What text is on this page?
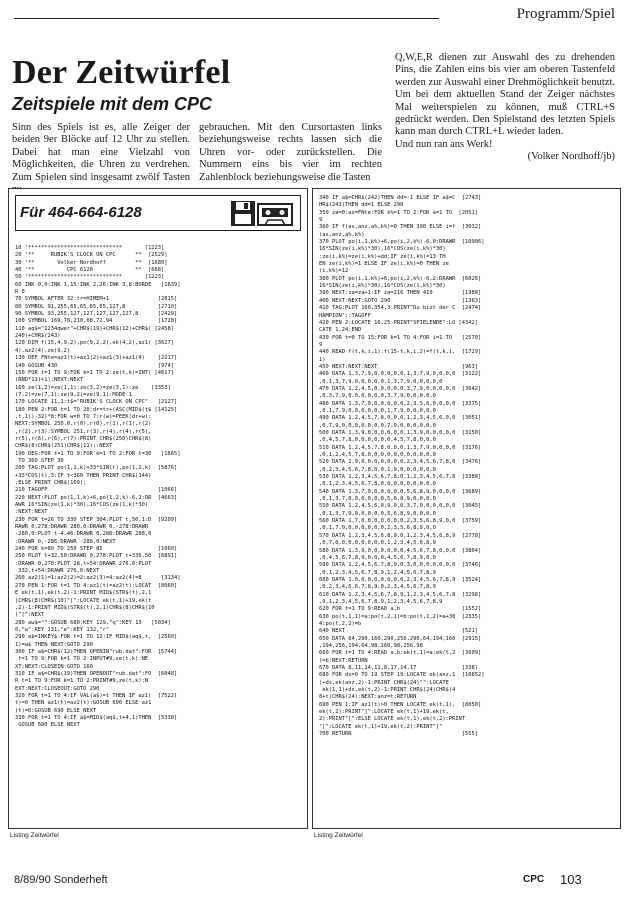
Programm/Spiel
Der Zeitwürfel
Zeitspiele mit dem CPC
Sinn des Spiels ist es, alle Zeiger der beiden 9er Blöcke auf 12 Uhr zu stellen. Dabei hat man eine Vielzahl von Möglichkeiten, die Uhren zu verdrehen. Zum Spielen sind insgesamt zwölf Tasten
gebrauchen. Mit den Cursortasten links beziehungsweise rechts lassen sich die Uhren vor- oder zurückstellen. Die Nummern eins bis vier im rechten Zahlenblock beziehungsweise die Tasten
Q,W,E,R dienen zur Auswahl des zu drehenden Pins, die Zahlen eins bis vier am oberen Tastenfeld werden zur Auswahl einer Drehmöglichkeit benutzt. Um bei dem aktuellen Stand der Zeiger nächstes Mal weiterspielen zu können, muß CTRL+S gedrückt werden. Den Spielstand des letzten Spiels kann man durch CTRL+L wieder laden.
Und nun ran ans Werk!
(Volker Nordhoff/jb)
Für 464-664-6128
10 '*****************************       [1223]
20 '**     RUBIK'S CLOCK ON CPC      **  [2529]
30 '**       Volker Nordhoff         **  [1680]
40 '**          CPC 6128             **  [668]
50 '*****************************       [1223]
60 INK 0,0:INK 1,15:INK 2,26:INK 3,8:BORDE   [1639]
R 0
70 SYMBOL AFTER 32:tr=HIMEM+1               [2815]
80 SYMBOL 91,255,65,65,65,65,127,8          [2710]
90 SYMBOL 93,255,127,127,127,127,127,8      [2429]
100 SYMBOL 169,76,210,68,72,94              [1728]
110 aq$="1234qwer"+CHR$(19)+CHR$(12)+CHR$( [2458]
240)+CHR$(243)
120 DIM f(15,4,9,2),po(9,2,2),ek(4,2),az1( [3627]
4),az2(4),ze(9,2)
130 DEF FNte=az1(t)+az1(2)+az1(3)+az1(4)    [2217]
140 GOSUB 430                               [974]
150 FOR t=1 TO 9:FOR k=1 TO 2:ze(t,k)=INT( [4617]
(RND*11)+1):NEXT:NEXT
160 ze(1,2)=ze(1,1):ze(3,2)=ze(3,1):ze    [3353]
(7,2)=ze(7,1):ze(9,2)=ze(9,1):MODE 1
170 LOCATE 11,1:t$="RUBIK'S CLOCK ON CPC"   [2127]
180 PEN 2:FOR t=1 TO 20:dr=tr+(ASC(MID$(t$ [14125]
,t,1))-32)*8:FOR w=0 TO 7:r(w)=PEEK(dr+w):
NEXT:SYMBOL 250,0,r(0),r(0),r(1),r(1),r(2)
,r(2),r(3):SYMBOL 251,r(3),r(4),r(4),r(5),
r(5),r(6),r(6),r(7):PRINT CHR$(250)CHR$(8)
CHR$(8)CHR$(251)CHR$(11);:NEXT
190 DEG:FOR t=1 TO 9:FOR k=1 TO 2:FOR t=30   [1665]
TO 360 STEP 30
200 TAG:PLOT po(1,1,k)+33*SIN(t),po(1,2,k)  [5876]
+33*COS(t),3:IF t<360 THEN PRINT CHR$(144)
;ELSE PRINT CHR$(169);
210 TAGOFF                                  [1066]
220 NEXT:PLOT po(1,1,k)+6,po(1,2,k)-6,2:DR  [4663]
AWR 16*SIN(ze(1,k)*30),16*COS(ze(1,k)*30)
:NEXT:NEXT
230 FOR t=26 TO 330 STEP 304:PLOT t,50,1:D  [9209]
RAWR 0,278:DRAWR 280,0:DRAWR 0,-278:DRAWR
-280,0:PLOT t-4,46:DRAWR 0,286:DRAWR 288,0
:DRAWR 0,-286:DRAWR -288,0:NEXT
240 FOR k=80 TO 250 STEP 85                 [1060]
250 PLOT t+32,50:DRAWR 0,278:PLOT t+336,50  [6891]
:DRAWR 0,278:PLOT 28,t+54:DRAWR 276,0:PLOT
332,t+54:DRAWR 276,0:NEXT
260 az2(1)=1:az2(2)=2:az2(3)=4:az2(4)=8      [3134]
270 PEN 1:FOR t=1 TO 4:az1(t)=az2(t):LOCAT  [8060]
E ek(t,1),ek(t,2)-1:PRINT MID$(STR$(t),2,1
)CHR$(8)CHR$(10)"|":LOCATE ek(t,1)+19,ek(t
,2)-1:PRINT MID$(STR$(t),2,1)CHR$(8)CHR$(10
)"[":NEXT
280 aw$="":GOSUB 680:KEY 129,"q":KEY 13   [5034]
0,"w":KEY 131,"e":KEY 132,"r"
290 a$=INKEY$:FOR t=1 TO 12:IF MID$(aq$,t,  [2560]
1)=a$ THEN NEXT:GOTO 290
300 IF a$=CHR$(12)THEN OPENIN"rub.dat":FOR  [5744]
t=1 TO 9:FOR k=1 TO 2:INPUT#9,ze(t,k):NE
XT:NEXT:CLOSEIN:GOTO 160
310 IF a$=CHR$(19)THEN OPENOUT"rub.dat":FO  [6048]
R t=1 TO 9:FOR k=1 TO 2:PRINT#9,ze(t,k):N
EXT:NEXT:CLOSEOUT:GOTO 290
320 FOR t=1 TO 4:IF VAL(a$)=t THEN IF az1(  [7522]
t)=0 THEN az1(t)=az2(t):GOSUB 690 ELSE az1
(t)=0:GOSUB 690 ELSE NEXT
330 FOR t=1 TO 4:IF a$=MID$(aq$,t+4,1)THEN  [5338]
GOSUB 680 ELSE NEXT
340 IF a$=CHR$(242)THEN dd=-1 ELSE IF a$=C  [2743]
HR$(243)THEN dd=1 ELSE 290
350 za=0:as=FNte:FOR k%=1 TO 2:FOR a=1 TO  [2051]
9
360 IF f(as,anz,a%,k%)=0 THEN 390 ELSE i=f  [3032]
(as,anz,a%,k%)
370 PLOT po(i,1,k%)+6,po(i,2,k%)-6,0:DRAWR  [10906]
16*SIN(ze(i,k%)*30),16*COS(ze(i,k%)*30)
:ze(i,k%)=ze(i,k%)+dd:IF ze(i,k%)=13 TH
EN ze(i,k%)=1 ELSE IF ze(i,k%)=0 THEN ze
(i,k%)=12
380 PLOT po(i,1,k%)+6,po(i,2,k%)-6,2:DRAWR  [6026]
16*SIN(ze(i,k%)*30),16*COS(ze(i,k%)*30)
390 NEXT:za=za+1:IF za=216 THEN 410         [1988]
400 NEXT:NEXT:GOTO 290                      [1363]
410 TAG:PLOT 160,354,3:PRINT"Du bist der C  [2474]
HAMPION";:TAGOFF
420 PEN 2:LOCATE 16,25:PRINT"SPIELENDE":LO [4342]
CATE 1,24:END
430 FOR t=0 TO 15:FOR k=1 TO 4:FOR i=1 TO   [2570]
9
440 READ f(t,k,i,1):f(15-t,k,i,2)=f(t,k,i,  [1729]
1)
450 NEXT:NEXT:NEXT                          [963]
460 DATA 1,3,7,9,0,0,0,0,0,1,3,7,9,0,0,0,0  [3122]
,0,1,3,7,9,0,0,0,0,0,1,3,7,9,0,0,0,0,0
470 DATA 1,2,4,5,0,0,0,0,0,3,7,9,0,0,0,0,0  [3642]
,0,3,7,9,0,0,0,0,0,0,3,7,9,0,0,0,0,0
480 DATA 1,3,7,9,0,0,0,0,0,2,3,5,6,0,0,0,0  [3375]
,0,1,7,9,0,0,0,0,0,0,1,7,9,0,0,0,0,0
490 DATA 1,2,4,5,7,8,0,0,0,1,2,3,4,5,6,0,0  [3051]
,0,7,9,0,0,0,0,0,0,0,7,9,0,0,0,0,0,0
500 DATA 1,3,9,0,0,0,0,0,0,1,3,9,0,0,0,0,0  [3150]
,0,4,5,7,8,0,0,0,0,0,0,4,5,7,8,0,0,0
510 DATA 1,2,4,5,7,8,0,0,0,1,3,7,9,0,0,0,0  [3176]
,0,1,2,4,5,7,8,0,0,0,0,0,0,0,0,0,0,0
520 DATA 1,9,0,0,0,0,0,0,0,2,3,4,5,6,7,8,0  [3476]
,0,2,3,4,5,6,7,8,0,0,1,9,0,0,0,0,0,0
530 DATA 1,2,3,4,5,6,7,8,0,1,2,3,4,5,6,7,8  [3388]
,0,1,2,3,4,5,6,7,8,0,0,0,0,0,0,0,0,0
540 DATA 1,3,7,9,0,0,0,0,0,5,6,8,9,0,0,0,0  [3689]
,0,1,3,7,0,0,0,0,0,0,5,6,8,9,0,0,0,0
550 DATA 1,2,4,5,6,8,9,0,0,3,7,0,0,0,0,0,0  [3045]
,0,1,3,7,9,0,0,0,0,0,5,6,8,9,0,0,0,0
560 DATA 1,7,0,0,0,0,0,0,0,2,3,5,6,8,9,0,0  [3759]
,0,1,7,0,0,0,0,0,0,0,2,3,5,6,8,9,0,0
570 DATA 1,2,3,4,5,6,8,9,0,1,2,3,4,5,6,8,9  [2778]
,0,7,0,0,0,0,0,0,0,0,1,2,3,4,5,6,8,9
580 DATA 1,3,9,0,0,0,0,0,0,4,5,6,7,8,0,0,0  [3804]
,0,4,5,6,7,8,9,0,0,0,4,5,6,7,8,9,0,0
590 DATA 1,2,4,5,6,7,8,9,0,3,0,0,0,0,0,0,0  [3746]
,0,1,2,3,4,5,6,7,8,9,1,2,4,5,6,7,8,9
600 DATA 1,0,0,0,0,0,0,0,0,2,3,4,5,6,7,8,9  [3524]
,0,2,3,4,5,6,7,8,9,0,2,3,4,5,6,7,8,9
610 DATA 1,2,3,4,5,6,7,8,9,1,2,3,4,5,6,7,8  [3298]
,9,1,2,3,4,5,6,7,8,9,1,2,3,4,5,6,7,8,9
620 FOR t=1 TO 9:READ a,b                   [1552]
630 po(t,1,1)=a:po(t,2,1)=b:po(t,1,2)=a+30  [2335]
4:po(t,2,2)=b
640 NEXT                                    [521]
650 DATA 64,290,160,290,256,290,64,194,160  [2915]
,194,256,194,64,98,160,98,256,98
660 FOR t=1 TO 4:READ a,b:ek(t,1)=a:ek(t,2  [3609]
)=b:NEXT:RETURN
670 DATA 8,11,14,11,8,17,14,17              [338]
680 FOR ds=0 TO 19 STEP 19:LOCATE ek(anz,1  [10852]
)+ds,ek(anz,2)-1:PRINT CHR$(24)"":LOCATE
ek(1,1)+ds,ek(t,2)-1:PRINT CHR$(24)CHR$(4
8+t)CHR$(24):NEXT:anz=t:RETURN
690 PEN 1:IF az1(t)>0 THEN LOCATE ek(t,1),  [8050]
ek(t,2):PRINT"]":LOCATE ek(t,1)+19,ek(t,
2):PRINT"[":ELSE LOCATE ek(t,1),ek(t,2):PRINT
"[":LOCATE ek(t,1)+19,ek(t,2):PRINT"]"
700 RETURN                                  [555]
Listing Zeitwürfel	Listing Zeitwürfel
8/89/90 Sonderheft	CPC 103
